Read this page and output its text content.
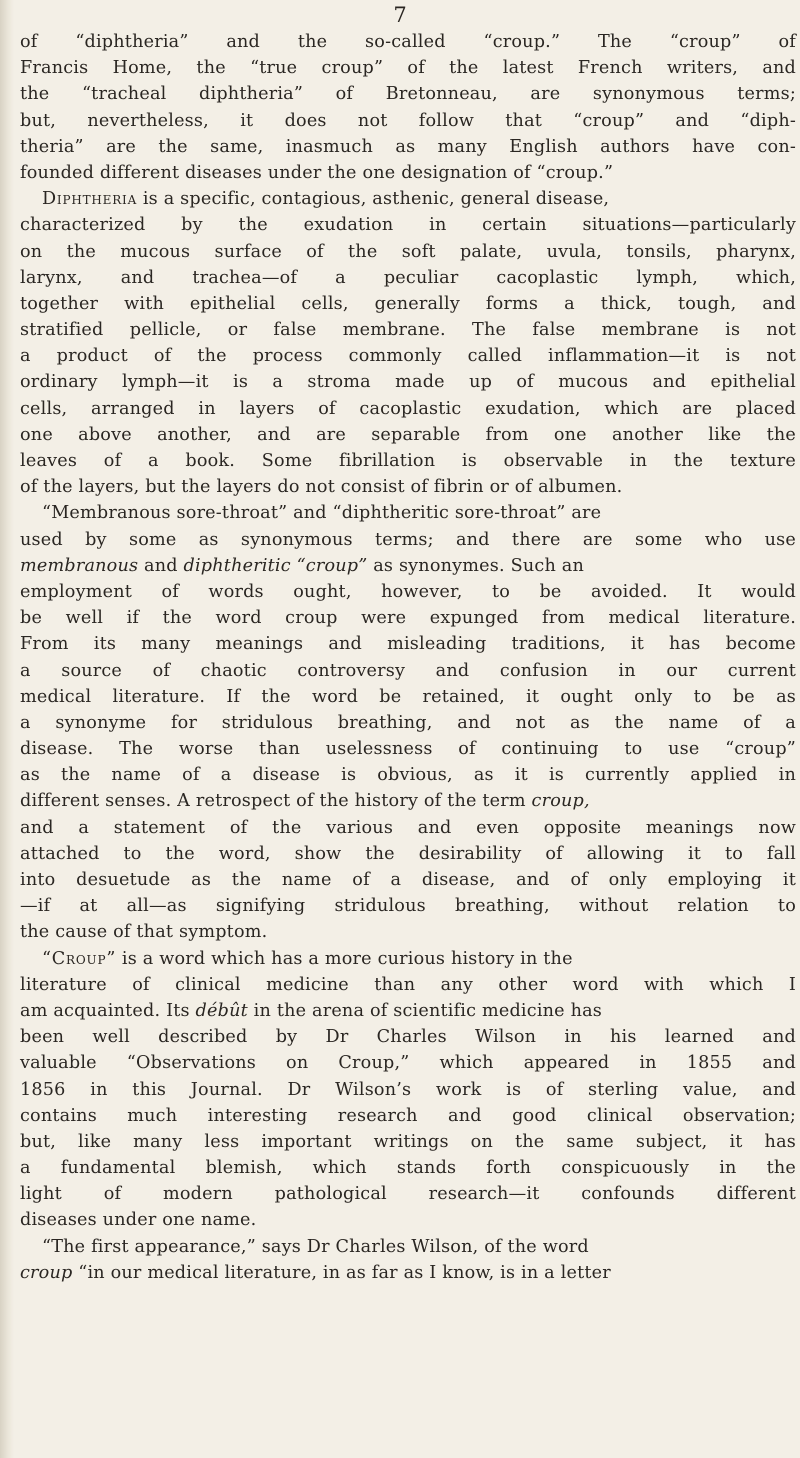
7
of “diphtheria” and the so-called “croup.” The “croup” of
Francis Home, the “true croup” of the latest French writers, and
the “tracheal diphtheria” of Bretonneau, are synonymous terms;
but, nevertheless, it does not follow that “croup” and “diph-
theria” are the same, inasmuch as many English authors have con-
founded different diseases under the one designation of “croup.”
Diphtheria is a specific, contagious, asthenic, general disease,
characterized by the exudation in certain situations—particularly
on the mucous surface of the soft palate, uvula, tonsils, pharynx,
larynx, and trachea—of a peculiar cacoplastic lymph, which,
together with epithelial cells, generally forms a thick, tough, and
stratified pellicle, or false membrane. The false membrane is not
a product of the process commonly called inflammation—it is not
ordinary lymph—it is a stroma made up of mucous and epithelial
cells, arranged in layers of cacoplastic exudation, which are placed
one above another, and are separable from one another like the
leaves of a book. Some fibrillation is observable in the texture
of the layers, but the layers do not consist of fibrin or of albumen.
“Membranous sore-throat” and “diphtheritic sore-throat” are
used by some as synonymous terms; and there are some who use
membranous and diphtheritic “croup” as synonymes. Such an
employment of words ought, however, to be avoided. It would
be well if the word croup were expunged from medical literature.
From its many meanings and misleading traditions, it has become
a source of chaotic controversy and confusion in our current
medical literature. If the word be retained, it ought only to be as
a synonyme for stridulous breathing, and not as the name of a
disease. The worse than uselessness of continuing to use “croup”
as the name of a disease is obvious, as it is currently applied in
different senses. A retrospect of the history of the term croup,
and a statement of the various and even opposite meanings now
attached to the word, show the desirability of allowing it to fall
into desuetude as the name of a disease, and of only employing it
—if at all—as signifying stridulous breathing, without relation to
the cause of that symptom.
“Croup” is a word which has a more curious history in the
literature of clinical medicine than any other word with which I
am acquainted. Its débût in the arena of scientific medicine has
been well described by Dr Charles Wilson in his learned and
valuable “Observations on Croup,” which appeared in 1855 and
1856 in this Journal. Dr Wilson’s work is of sterling value, and
contains much interesting research and good clinical observation;
but, like many less important writings on the same subject, it has
a fundamental blemish, which stands forth conspicuously in the
light of modern pathological research—it confounds different
diseases under one name.
“The first appearance,” says Dr Charles Wilson, of the word
croup “in our medical literature, in as far as I know, is in a letter
